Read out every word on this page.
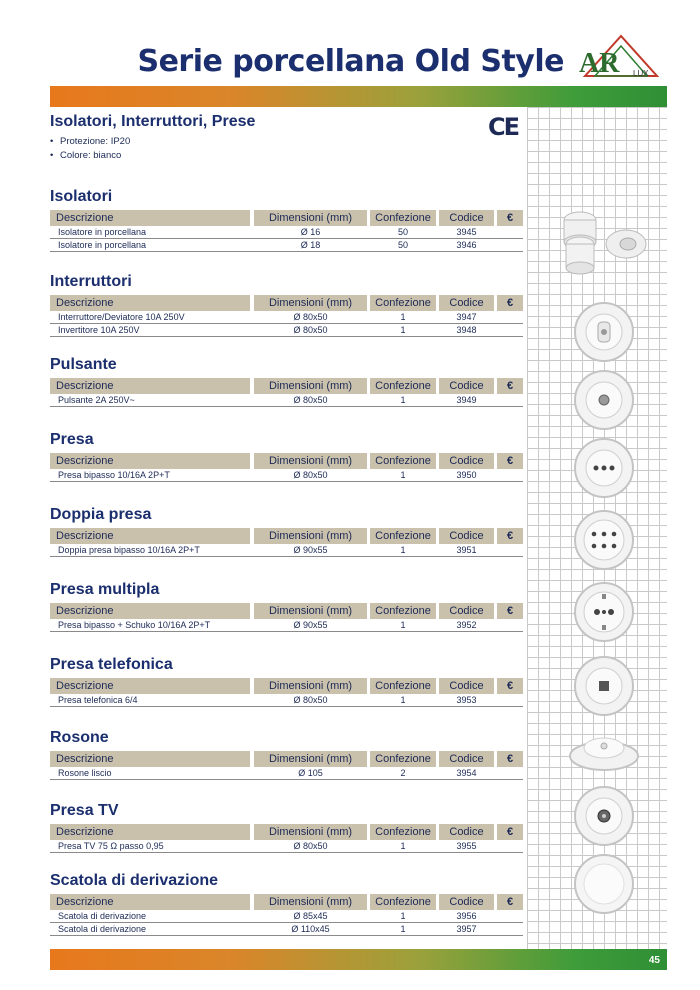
Serie porcellana Old Style AR LUX
Isolatori, Interruttori, Prese
• Protezione: IP20
• Colore: bianco
CE
Isolatori
Descrizione	Dimensioni (mm)	Confezione	Codice	€
Isolatore in porcellana	Ø 16	50	3945
Isolatore in porcellana	Ø 18	50	3946
Interruttori
Descrizione	Dimensioni (mm)	Confezione	Codice	€
Interruttore/Deviatore 10A 250V	Ø 80x50	1	3947
Invertitore 10A 250V	Ø 80x50	1	3948
Pulsante
Descrizione	Dimensioni (mm)	Confezione	Codice	€
Pulsante 2A 250V~	Ø 80x50	1	3949
Presa
Descrizione	Dimensioni (mm)	Confezione	Codice	€
Presa bipasso 10/16A 2P+T	Ø 80x50	1	3950
Doppia presa
Descrizione	Dimensioni (mm)	Confezione	Codice	€
Doppia presa bipasso 10/16A 2P+T	Ø 90x55	1	3951
Presa multipla
Descrizione	Dimensioni (mm)	Confezione	Codice	€
Presa bipasso + Schuko 10/16A 2P+T	Ø 90x55	1	3952
Presa telefonica
Descrizione	Dimensioni (mm)	Confezione	Codice	€
Presa telefonica 6/4	Ø 80x50	1	3953
Rosone
Descrizione	Dimensioni (mm)	Confezione	Codice	€
Rosone liscio	Ø 105	2	3954
Presa TV
Descrizione	Dimensioni (mm)	Confezione	Codice	€
Presa TV 75 Ω passo 0,95	Ø 80x50	1	3955
Scatola di derivazione
Descrizione	Dimensioni (mm)	Confezione	Codice	€
Scatola di derivazione	Ø 85x45	1	3956
Scatola di derivazione	Ø 110x45	1	3957
45
